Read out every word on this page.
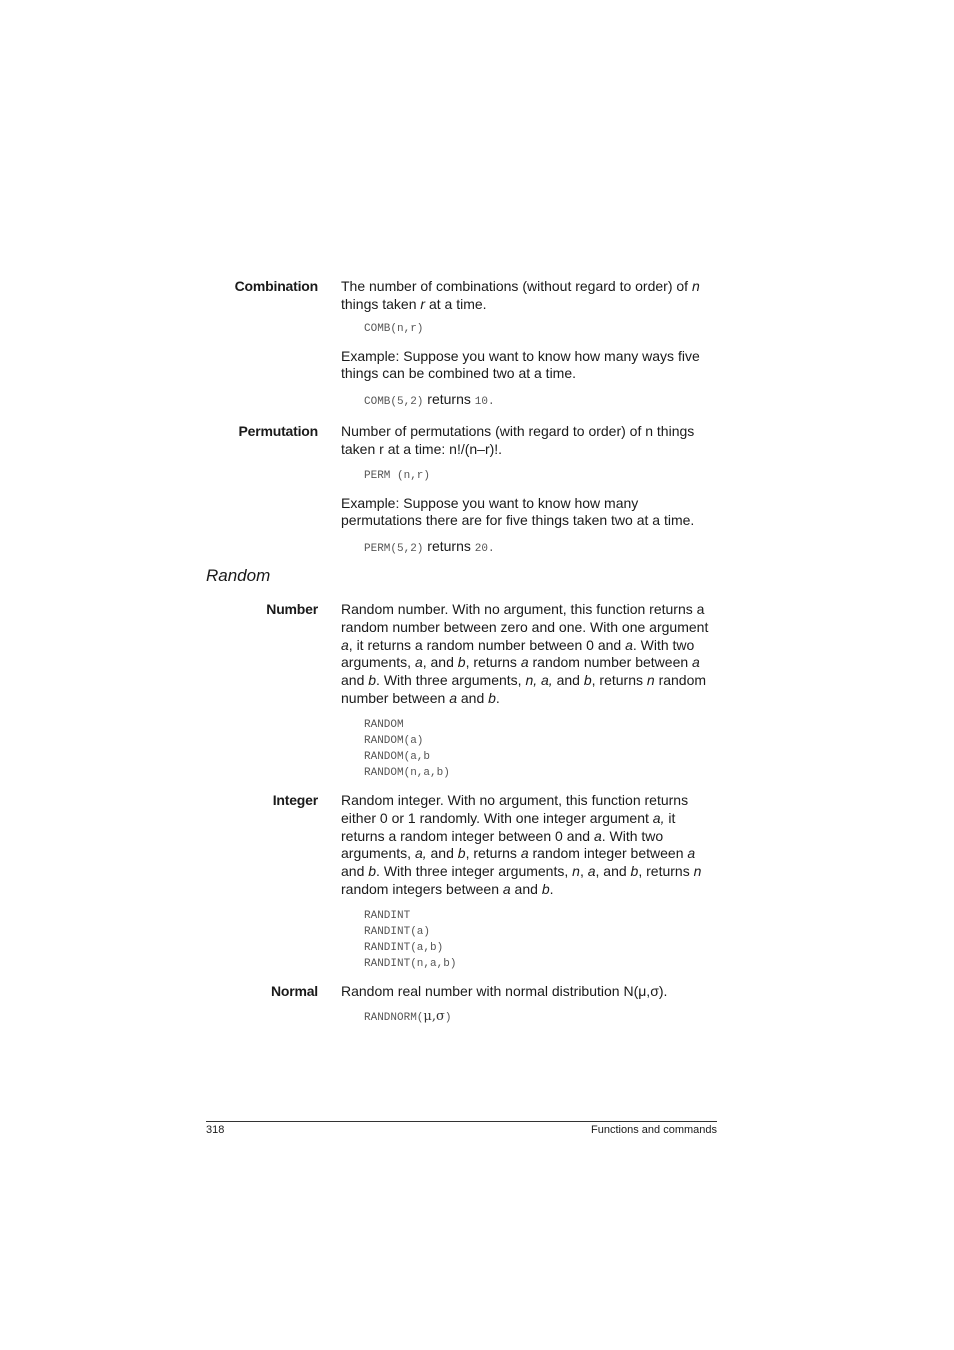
Combination The number of combinations (without regard to order) of n things taken r at a time.

COMB(n,r)

Example: Suppose you want to know how many ways five things can be combined two at a time.

COMB(5,2) returns 10.
Permutation Number of permutations (with regard to order) of n things taken r at a time: n!/(n–r)!.

PERM (n,r)

Example: Suppose you want to know how many permutations there are for five things taken two at a time.

PERM(5,2) returns 20.
Random
Number Random number. With no argument, this function returns a random number between zero and one. With one argument a, it returns a random number between 0 and a. With two arguments, a, and b, returns a random number between a and b. With three arguments, n, a, and b, returns n random number between a and b.

RANDOM
RANDOM(a)
RANDOM(a,b
RANDOM(n,a,b)
Integer Random integer. With no argument, this function returns either 0 or 1 randomly. With one integer argument a, it returns a random integer between 0 and a. With two arguments, a, and b, returns a random integer between a and b. With three integer arguments, n, a, and b, returns n random integers between a and b.

RANDINT
RANDINT(a)
RANDINT(a,b)
RANDINT(n,a,b)
Normal Random real number with normal distribution N(μ,σ).

RANDNORM(μ,σ)
318	Functions and commands
